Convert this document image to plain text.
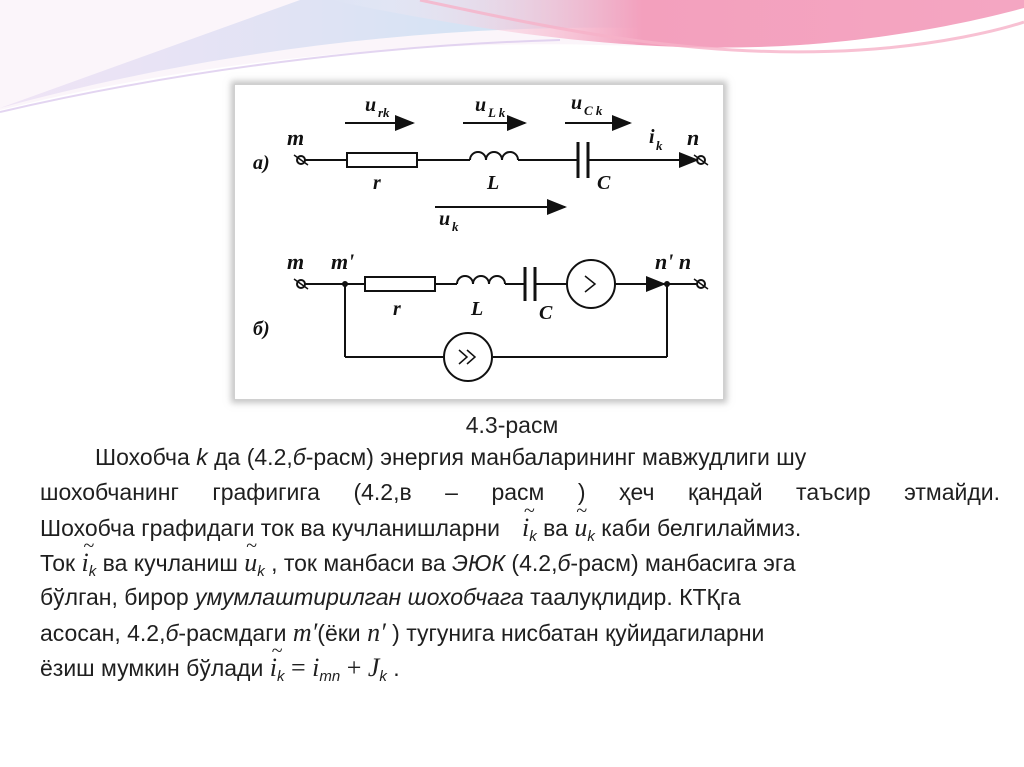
а)
m	n
r	L	C
i k
u rk	u L k	u C k
u k
б)
m m'	n' n
r	L	C
4.3-расм
Шохобча k да (4.2,б-расм) энергия манбаларининг мавжудлиги шу
шохобчанинг графигига (4.2,в – расм ) ҳеч қандай таъсир этмайди.
Шохобча графидаги ток ва кучланишларни~ $i_k$ ва ~ $u_k$ каби белгилаймиз.
Ток ~ $i_k$ ва кучланиш ~ $u_k$ , ток манбаси ва ЭЮК (4.2,б-расм) манбасига эга
бўлган, бирор умумлаштирилган шохобчага таалуқлидир. КТҚга
асосан, 4.2,б-расмдаги m′(ёки n′ ) тугунига нисбатан қуйидагиларни
ёзиш мумкин бўлади ~ $i_k = i_{mn} + J_k$ .
